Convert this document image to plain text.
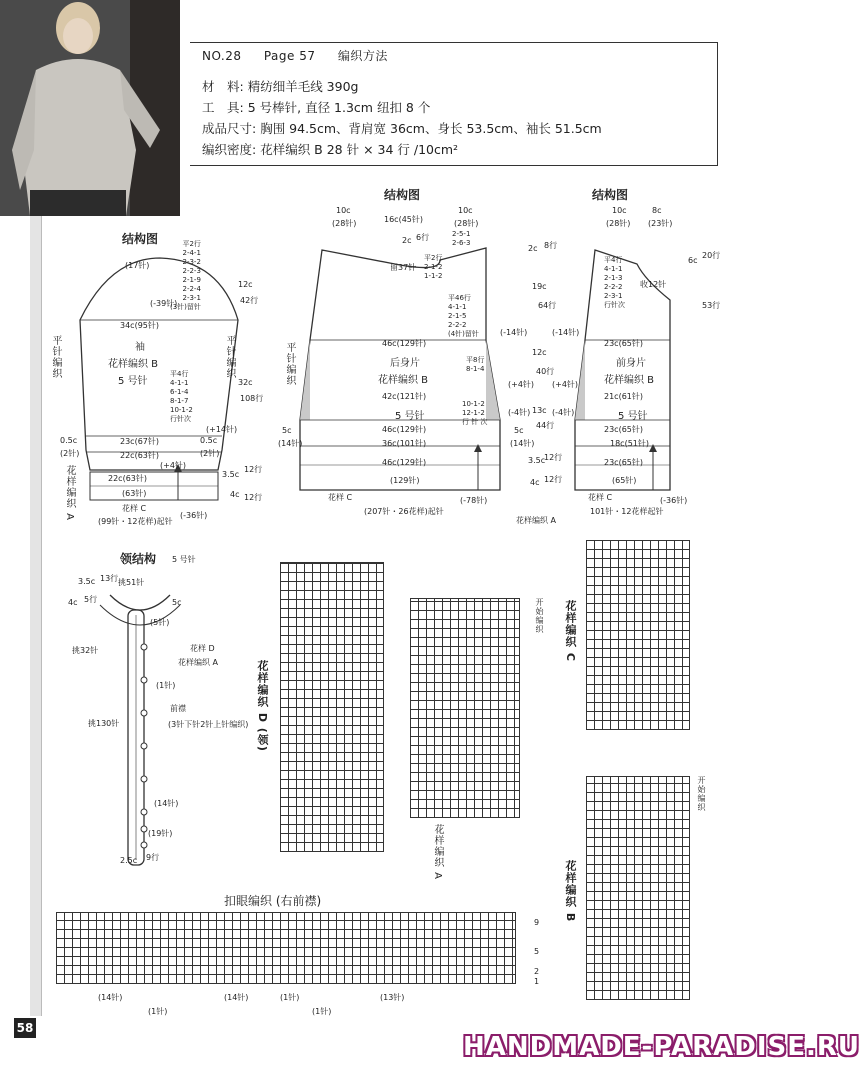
NO.28 Page 57 编织方法
材　料: 精纺细羊毛线 390g
工　具: 5 号棒针, 直径 1.3cm 纽扣 8 个
成品尺寸: 胸围 94.5cm、背肩宽 36cm、身长 53.5cm、袖长 51.5cm
编织密度: 花样编织 B 28 针 × 34 行 /10cm²
结构图
(17针)
34c(95针)
袖
花样编织 B
5 号针
23c(67针)
22c(63针)
22c(63针)
(63针)
(99针・12花样)起针
花样 C
平针编织	平针编织
花样编织 A
平2行
2-4-1
2-3-2
2-2-3
2-1-9
2-2-4
2-3-1
(3针)留针
平4行
4-1-1
6-1-4
8-1-7
10-1-2
行针次
(-39针)
(+14针)
(+4针)
(-36针)
12c
42行
32c
108行
3.5c
12行
4c 12行
0.5c
(2针)
0.5c
(2针)
结构图
10c
(28针)	16c(45针)
10c
(28针)
2c 6行
留37针
平2行
2-1-2
1-1-2
2-5-1
2-6-3
平46行
4-1-1
2-1-5
2-2-2
(4针)留针
46c(129针)
后身片
花样编织 B
42c(121针)
5 号针
46c(129针)
36c(101针)
46c(129针)
(129针)
花样 C	(-78针)
(207针・26花样)起针
花样编织 A
平8行
8-1-4
10-1-2
12-1-2
行 针 次
平针编织
5c
(14针)
2c 8行
19c
64行
12c
40行
13c
44行
3.5c
12行
4c 12行
(-14针)	(-14针)
(+4针) (+4针)
(-4针)	(-4针)
5c
(14针)
结构图
10c
(28针)
8c
(23针)
平4行
4-1-1
2-1-3
2-2-2
2-3-1
行针次
收12针
6c
20行
53行
23c(65针)
前身片
花样编织 B
21c(61针)
5 号针
23c(65针)
18c(51针)
23c(65针)
(65针)
花样 C	(-36针)
101针・12花样起针
领结构 5 号针
挑51针
3.5c 13行
4c 5行	5c
(5针)
挑32针	花样 D
花样编织 A
(1针)
前襟
(3针下针2针上针编织)
挑130针
(14针)
(19针)
2.5c 9行
花样编织 D (领)
花样编织 A
开始编织 花样编织 C
花样编织 B
开始编织
扣眼编织 (右前襟)
(14针)	(14针)	(13针)
(1针)	(1针)
(1针)
9
5
2
1
58
HANDMADE-PARADISE.RU
